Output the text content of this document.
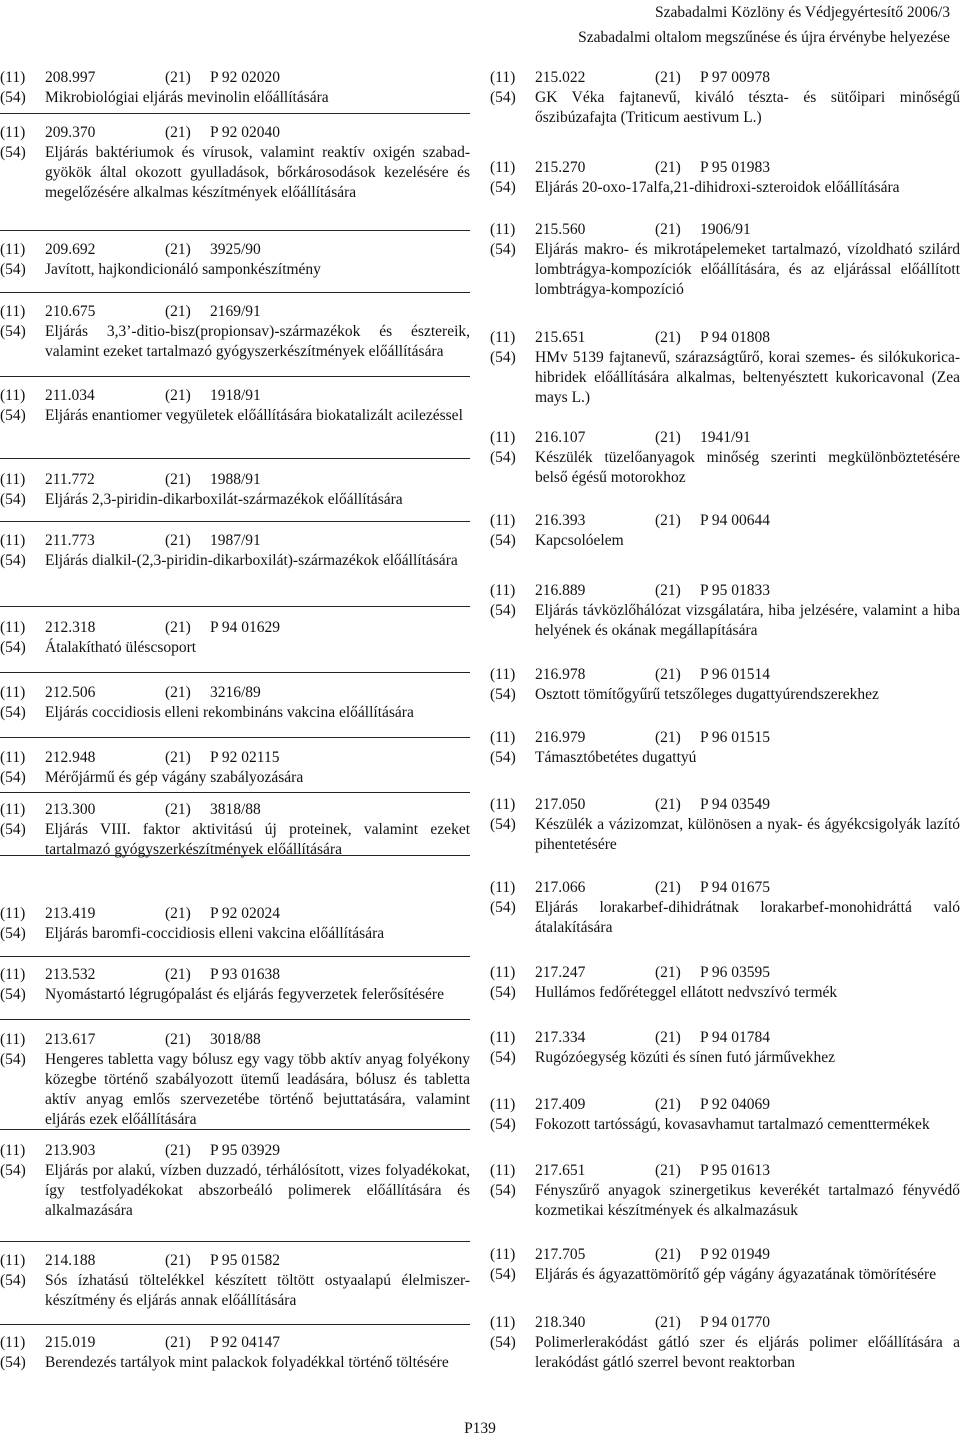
Szabadalmi Közlöny és Védjegyértesítő 2006/3
Szabadalmi oltalom megszűnése és újra érvénybe helyezése
(11)	208.997	(21)	P 92 02020
(54)	Mikrobiológiai eljárás mevinolin előállítására
(11)	209.370	(21)	P 92 02040
(54)	Eljárás baktériumok és vírusok, valamint reaktív oxigén szabad-gyökök által okozott gyulladások, bőrkárosodások kezelésére és megelőzésére alkalmas készítmények előállítására
(11)	209.692	(21)	3925/90
(54)	Javított, hajkondicionáló samponkészítmény
(11)	210.675	(21)	2169/91
(54)	Eljárás 3,3’-ditio-bisz(propionsav)-származékok és észtereik, valamint ezeket tartalmazó gyógyszerkészítmények előállítására
(11)	211.034	(21)	1918/91
(54)	Eljárás enantiomer vegyületek előállítására biokatalizált acilezéssel
(11)	211.772	(21)	1988/91
(54)	Eljárás 2,3-piridin-dikarboxilát-származékok előállítására
(11)	211.773	(21)	1987/91
(54)	Eljárás dialkil-(2,3-piridin-dikarboxilát)-származékok előállítására
(11)	212.318	(21)	P 94 01629
(54)	Átalakítható üléscsoport
(11)	212.506	(21)	3216/89
(54)	Eljárás coccidiosis elleni rekombináns vakcina előállítására
(11)	212.948	(21)	P 92 02115
(54)	Mérőjármű és gép vágány szabályozására
(11)	213.300	(21)	3818/88
(54)	Eljárás VIII. faktor aktivitású új proteinek, valamint ezeket tartalmazó gyógyszerkészítmények előállítására
(11)	213.419	(21)	P 92 02024
(54)	Eljárás baromfi-coccidiosis elleni vakcina előállítására
(11)	213.532	(21)	P 93 01638
(54)	Nyomástartó légrugópalást és eljárás fegyverzetek felerősítésére
(11)	213.617	(21)	3018/88
(54)	Hengeres tabletta vagy bólusz egy vagy több aktív anyag folyékony közegbe történő szabályozott ütemű leadására, bólusz és tabletta aktív anyag emlős szervezetébe történő bejuttatására, valamint eljárás ezek előállítására
(11)	213.903	(21)	P 95 03929
(54)	Eljárás por alakú, vízben duzzadó, térhálósított, vizes folyadékokat, így testfolyadékokat abszorbeáló polimerek előállítására és alkalmazására
(11)	214.188	(21)	P 95 01582
(54)	Sós ízhatású töltelékkel készített töltött ostyaalapú élelmiszer-készítmény és eljárás annak előállítására
(11)	215.019	(21)	P 92 04147
(54)	Berendezés tartályok mint palackok folyadékkal történő töltésére
(11)	215.022	(21)	P 97 00978
(54)	GK Véka fajtanevű, kiváló tészta- és sütőipari minőségű őszibúzafajta (Triticum aestivum L.)
(11)	215.270	(21)	P 95 01983
(54)	Eljárás 20-oxo-17alfa,21-dihidroxi-szteroidok előállítására
(11)	215.560	(21)	1906/91
(54)	Eljárás makro- és mikrotápelemeket tartalmazó, vízoldható szilárd lombtrágya-kompozíciók előállítására, és az eljárással előállított lombtrágya-kompozíció
(11)	215.651	(21)	P 94 01808
(54)	HMv 5139 fajtanevű, szárazságtűrő, korai szemes- és silókukorica-hibridek előállítására alkalmas, beltenyésztett kukoricavonal (Zea mays L.)
(11)	216.107	(21)	1941/91
(54)	Készülék tüzelőanyagok minőség szerinti megkülönböztetésére belső égésű motorokhoz
(11)	216.393	(21)	P 94 00644
(54)	Kapcsolóelem
(11)	216.889	(21)	P 95 01833
(54)	Eljárás távközlőhálózat vizsgálatára, hiba jelzésére, valamint a hiba helyének és okának megállapítására
(11)	216.978	(21)	P 96 01514
(54)	Osztott tömítőgyűrű tetszőleges dugattyúrendszerekhez
(11)	216.979	(21)	P 96 01515
(54)	Támasztóbetétes dugattyú
(11)	217.050	(21)	P 94 03549
(54)	Készülék a vázizomzat, különösen a nyak- és ágyékcsigolyák lazító pihentetésére
(11)	217.066	(21)	P 94 01675
(54)	Eljárás lorakarbef-dihidrátnak lorakarbef-monohidráttá való átalakítására
(11)	217.247	(21)	P 96 03595
(54)	Hullámos fedőréteggel ellátott nedvszívó termék
(11)	217.334	(21)	P 94 01784
(54)	Rugózóegység közúti és sínen futó járművekhez
(11)	217.409	(21)	P 92 04069
(54)	Fokozott tartósságú, kovasavhamut tartalmazó cementtermékek
(11)	217.651	(21)	P 95 01613
(54)	Fényszűrő anyagok szinergetikus keverékét tartalmazó fényvédő kozmetikai készítmények és alkalmazásuk
(11)	217.705	(21)	P 92 01949
(54)	Eljárás és ágyazattömörítő gép vágány ágyazatának tömörítésére
(11)	218.340	(21)	P 94 01770
(54)	Polimerlerakódást gátló szer és eljárás polimer előállítására a lerakódást gátló szerrel bevont reaktorban
P139
